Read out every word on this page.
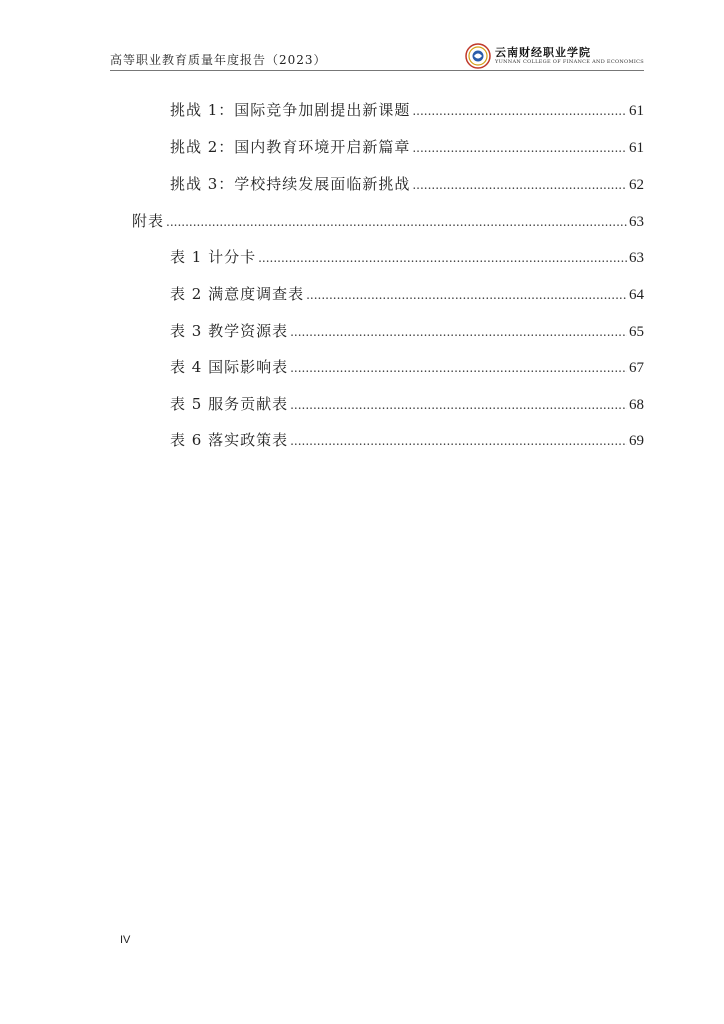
高等职业教育质量年度报告（2023）
云南财经职业学院
YUNNAN COLLEGE OF FINANCE AND ECONOMICS
挑战 1：国际竞争加剧提出新课题 .....	61
挑战 2：国内教育环境开启新篇章 .....	61
挑战 3：学校持续发展面临新挑战 .....	62
附表 .....	63
表 1 计分卡 .....	63
表 2 满意度调查表 .....	64
表 3 教学资源表 .....	65
表 4 国际影响表 .....	67
表 5 服务贡献表 .....	68
表 6 落实政策表 .....	69
IV
